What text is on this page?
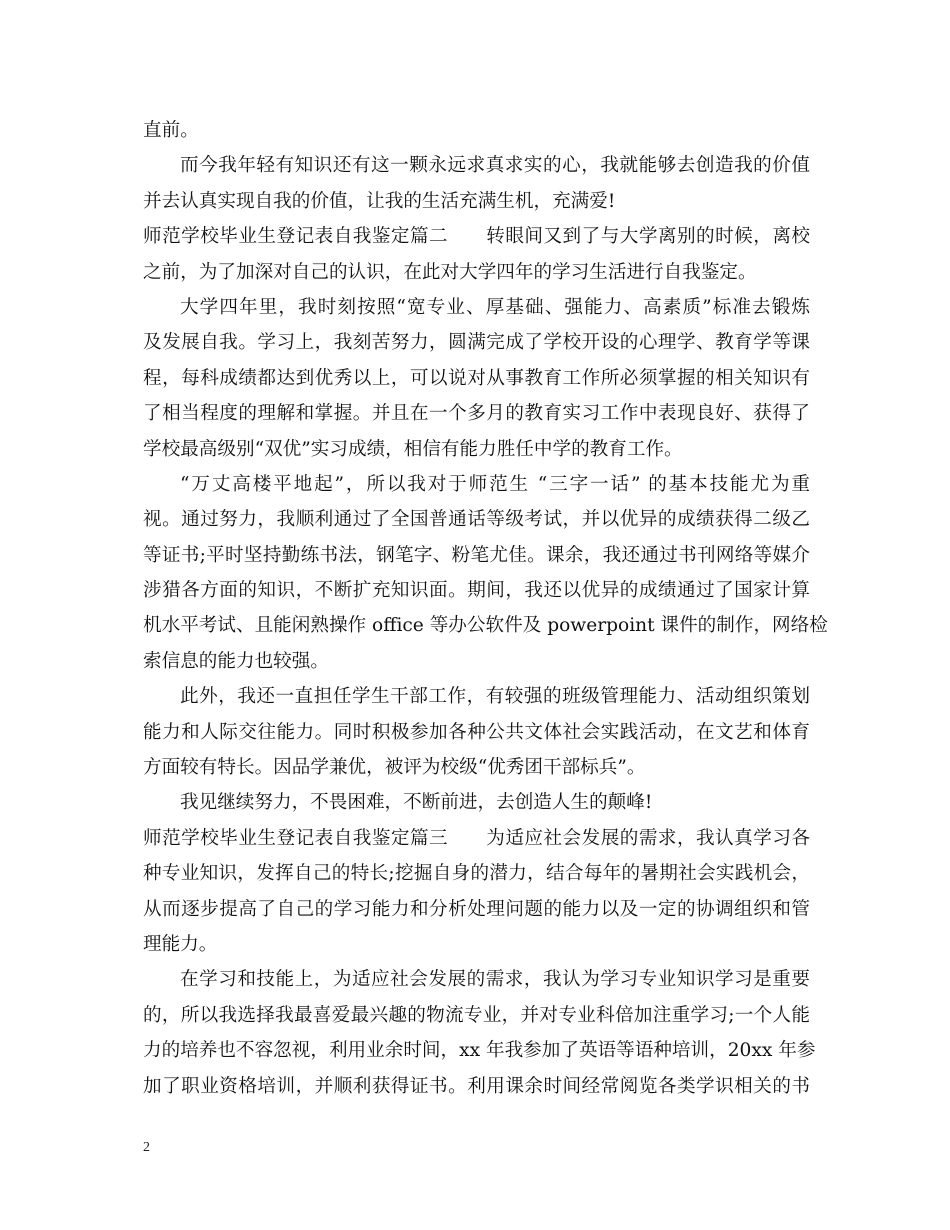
直前。
而今我年轻有知识还有这一颗永远求真求实的心，我就能够去创造我的价值
并去认真实现自我的价值，让我的生活充满生机，充满爱!
师范学校毕业生登记表自我鉴定篇二　　转眼间又到了与大学离别的时候，离校
之前，为了加深对自己的认识，在此对大学四年的学习生活进行自我鉴定。
大学四年里，我时刻按照“宽专业、厚基础、强能力、高素质”标准去锻炼
及发展自我。学习上，我刻苦努力，圆满完成了学校开设的心理学、教育学等课
程，每科成绩都达到优秀以上，可以说对从事教育工作所必须掌握的相关知识有
了相当程度的理解和掌握。并且在一个多月的教育实习工作中表现良好、获得了
学校最高级别“双优”实习成绩，相信有能力胜任中学的教育工作。
“万丈高楼平地起”，所以我对于师范生 “三字一话” 的基本技能尤为重
视。通过努力，我顺利通过了全国普通话等级考试，并以优异的成绩获得二级乙
等证书;平时坚持勤练书法，钢笔字、粉笔尤佳。课余，我还通过书刊网络等媒介
涉猎各方面的知识，不断扩充知识面。期间，我还以优异的成绩通过了国家计算
机水平考试、且能闲熟操作 office 等办公软件及 powerpoint 课件的制作，网络检
索信息的能力也较强。
此外，我还一直担任学生干部工作，有较强的班级管理能力、活动组织策划
能力和人际交往能力。同时积极参加各种公共文体社会实践活动，在文艺和体育
方面较有特长。因品学兼优，被评为校级“优秀团干部标兵”。
我见继续努力，不畏困难，不断前进，去创造人生的颠峰!
师范学校毕业生登记表自我鉴定篇三　　为适应社会发展的需求，我认真学习各
种专业知识，发挥自己的特长;挖掘自身的潜力，结合每年的暑期社会实践机会，
从而逐步提高了自己的学习能力和分析处理问题的能力以及一定的协调组织和管
理能力。
在学习和技能上，为适应社会发展的需求，我认为学习专业知识学习是重要
的，所以我选择我最喜爱最兴趣的物流专业，并对专业科倍加注重学习;一个人能
力的培养也不容忽视，利用业余时间，xx 年我参加了英语等语种培训，20xx 年参
加了职业资格培训，并顺利获得证书。利用课余时间经常阅览各类学识相关的书
2
